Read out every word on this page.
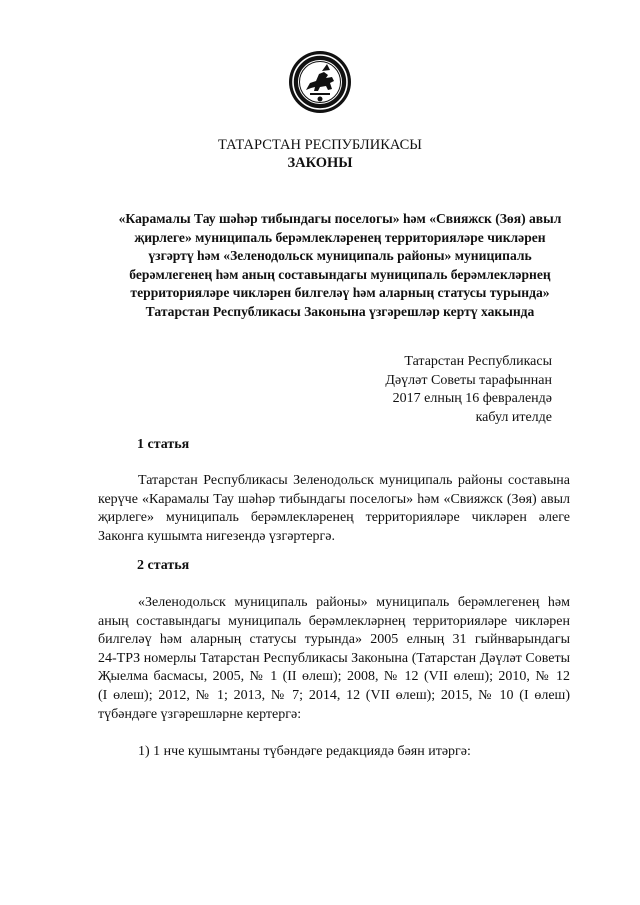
ТАТАРСТАН РЕСПУБЛИКАСЫ
ЗАКОНЫ
«Карамалы Тау шәһәр тибындагы поселогы» һәм «Свияжск (Зөя) авыл
җирлеге» муниципаль берәмлекләренең территорияләре чикләрен
үзгәртү һәм «Зеленодольск муниципаль районы» муниципаль
берәмлегенең һәм аның составындагы муниципаль берәмлекләрнең
территорияләре чикләрен билгеләү һәм аларның статусы турында»
Татарстан Республикасы Законына үзгәрешләр кертү хакында
Татарстан Республикасы
Дәүләт Советы тарафыннан
2017 елның 16 февралендә
кабул ителде
1 статья
Татарстан Республикасы Зеленодольск муниципаль районы составына
керүче «Карамалы Тау шәһәр тибындагы поселогы» һәм «Свияжск (Зөя) авыл
җирлеге» муниципаль берәмлекләренең территорияләре чикләрен әлеге
Законга кушымта нигезендә үзгәртергә.
2 статья
«Зеленодольск муниципаль районы» муниципаль берәмлегенең һәм
аның составындагы муниципаль берәмлекләрнең территорияләре чикләрен
билгеләү һәм аларның статусы турында» 2005 елның 31 гыйнварындагы
24-ТРЗ номерлы Татарстан Республикасы Законына (Татарстан Дәүләт Советы
Җыелма басмасы, 2005, № 1 (II өлеш); 2008, № 12 (VII өлеш); 2010, № 12
(I өлеш); 2012, № 1; 2013, № 7; 2014, 12 (VII өлеш); 2015, № 10 (I өлеш)
түбәндәге үзгәрешләрне кертергә:
1) 1 нче кушымтаны түбәндәге редакциядә бәян итәргә:
